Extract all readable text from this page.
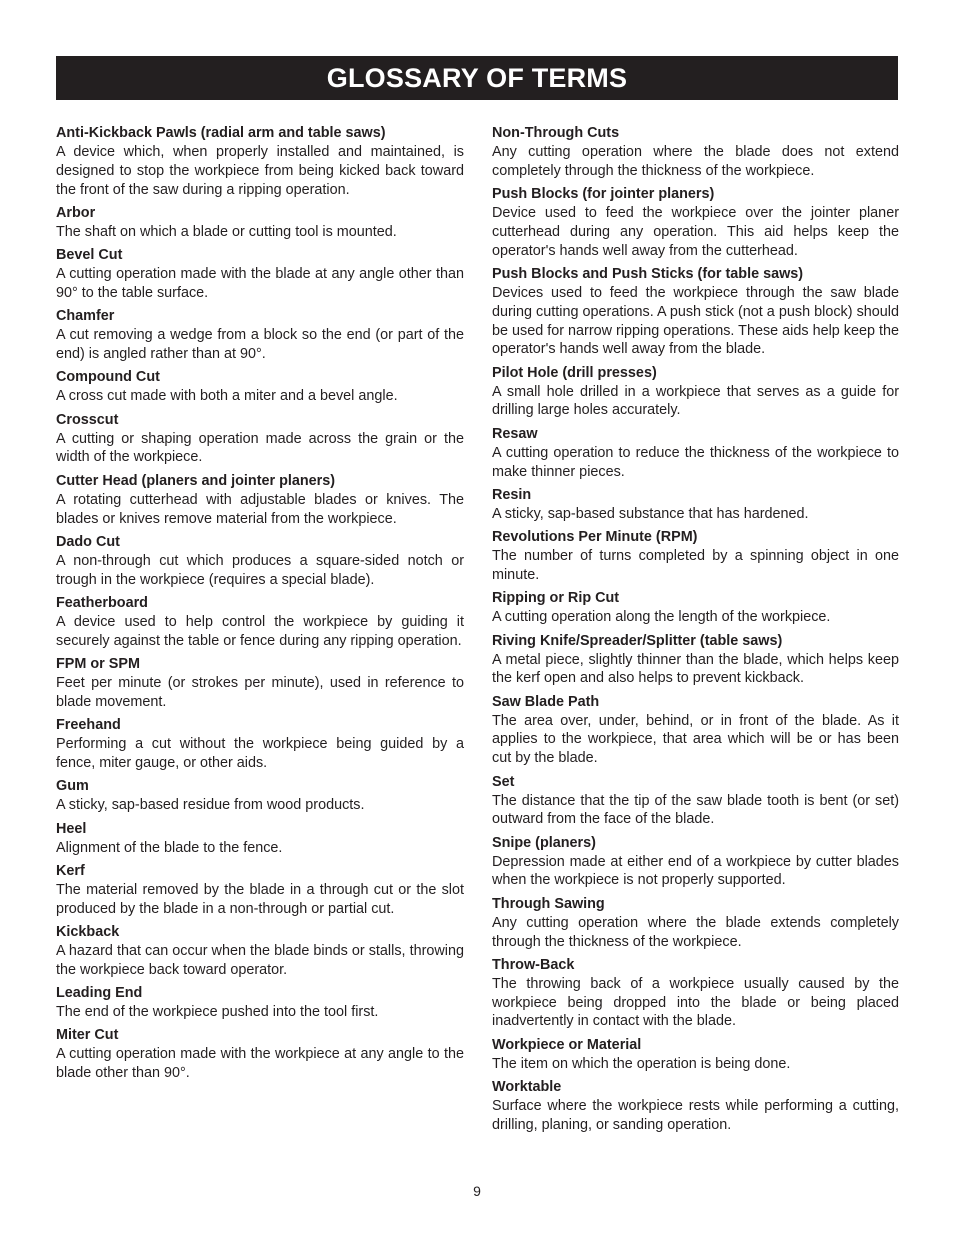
GLOSSARY OF TERMS
Anti-Kickback Pawls (radial arm and table saws)
A device which, when properly installed and maintained, is designed to stop the workpiece from being kicked back toward the front of the saw during a ripping operation.
Arbor
The shaft on which a blade or cutting tool is mounted.
Bevel Cut
A cutting operation made with the blade at any angle other than 90° to the table surface.
Chamfer
A cut removing a wedge from a block so the end (or part of the end) is angled rather than at 90°.
Compound Cut
A cross cut made with both a miter and a bevel angle.
Crosscut
A cutting or shaping operation made across the grain or the width of the workpiece.
Cutter Head (planers and jointer planers)
A rotating cutterhead with adjustable blades or knives. The blades or knives remove material from the workpiece.
Dado Cut
A non-through cut which produces a square-sided notch or trough in the workpiece (requires a special blade).
Featherboard
A device used to help control the workpiece by guiding it securely against the table or fence during any ripping operation.
FPM or SPM
Feet per minute (or strokes per minute), used in reference to blade movement.
Freehand
Performing a cut without the workpiece being guided by a fence, miter gauge, or other aids.
Gum
A sticky, sap-based residue from wood products.
Heel
Alignment of the blade to the fence.
Kerf
The material removed by the blade in a through cut or the slot produced by the blade in a non-through or partial cut.
Kickback
A hazard that can occur when the blade binds or stalls, throwing the workpiece back toward operator.
Leading End
The end of the workpiece pushed into the tool first.
Miter Cut
A cutting operation made with the workpiece at any angle to the blade other than 90°.
Non-Through Cuts
Any cutting operation where the blade does not extend completely through the thickness of the workpiece.
Push Blocks (for jointer planers)
Device used to feed the workpiece over the jointer planer cutterhead during any operation. This aid helps keep the operator's hands well away from the cutterhead.
Push Blocks and Push Sticks (for table saws)
Devices used to feed the workpiece through the saw blade during cutting operations. A push stick (not a push block) should be used for narrow ripping operations. These aids help keep the operator's hands well away from the blade.
Pilot Hole (drill presses)
A small hole drilled in a workpiece that serves as a guide for drilling large holes accurately.
Resaw
A cutting operation to reduce the thickness of the workpiece to make thinner pieces.
Resin
A sticky, sap-based substance that has hardened.
Revolutions Per Minute (RPM)
The number of turns completed by a spinning object in one minute.
Ripping or Rip Cut
A cutting operation along the length of the workpiece.
Riving Knife/Spreader/Splitter (table saws)
A metal piece, slightly thinner than the blade, which helps keep the kerf open and also helps to prevent kickback.
Saw Blade Path
The area over, under, behind, or in front of the blade. As it applies to the workpiece, that area which will be or has been cut by the blade.
Set
The distance that the tip of the saw blade tooth is bent (or set) outward from the face of the blade.
Snipe (planers)
Depression made at either end of a workpiece by cutter blades when the workpiece is not properly supported.
Through Sawing
Any cutting operation where the blade extends completely through the thickness of the workpiece.
Throw-Back
The throwing back of a workpiece usually caused by the workpiece being dropped into the blade or being placed inadvertently in contact with the blade.
Workpiece or Material
The item on which the operation is being done.
Worktable
Surface where the workpiece rests while performing a cutting, drilling, planing, or sanding operation.
9
